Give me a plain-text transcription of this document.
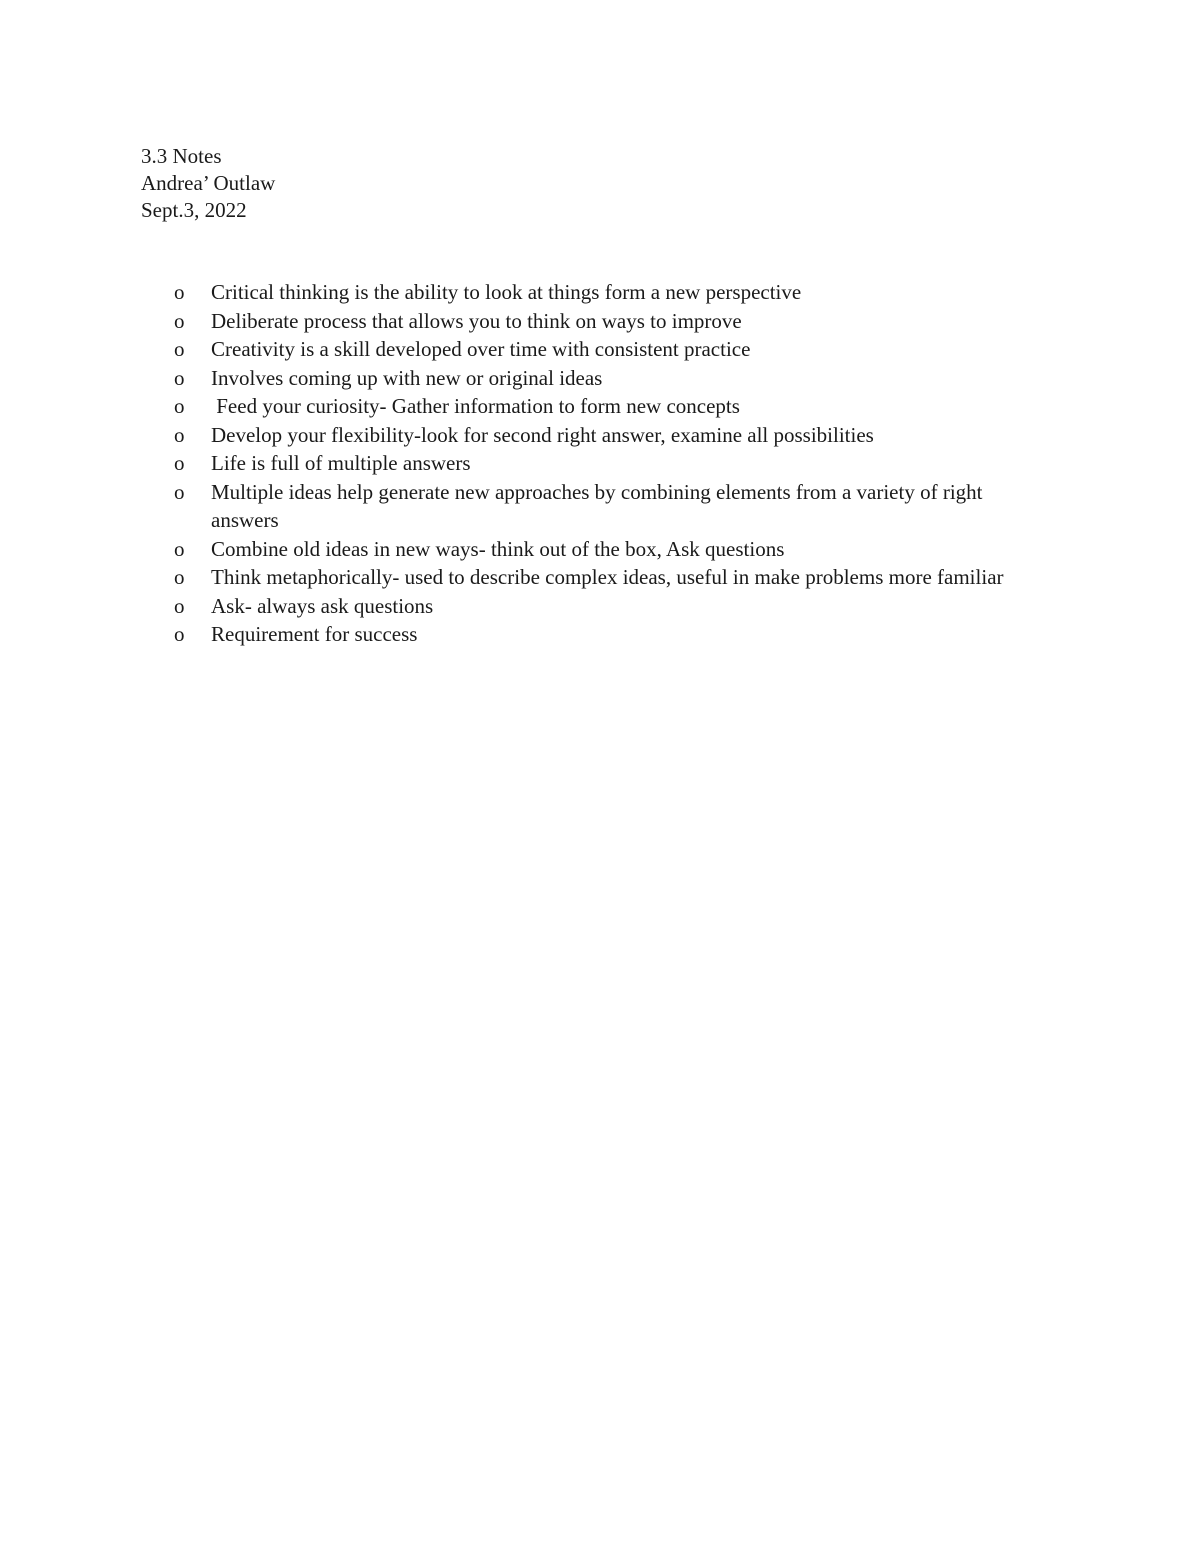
3.3 Notes
Andrea’ Outlaw
Sept.3, 2022
o	Critical thinking is the ability to look at things form a new perspective
o	Deliberate process that allows you to think on ways to improve
o	Creativity is a skill developed over time with consistent practice
o	Involves coming up with new or original ideas
o	Feed your curiosity- Gather information to form new concepts
o	Develop your flexibility-look for second right answer, examine all possibilities
o	Life is full of multiple answers
o	Multiple ideas help generate new approaches by combining elements from a variety of right answers
o	Combine old ideas in new ways- think out of the box, Ask questions
o	Think metaphorically- used to describe complex ideas, useful in make problems more familiar
o	Ask- always ask questions
o	Requirement for success
